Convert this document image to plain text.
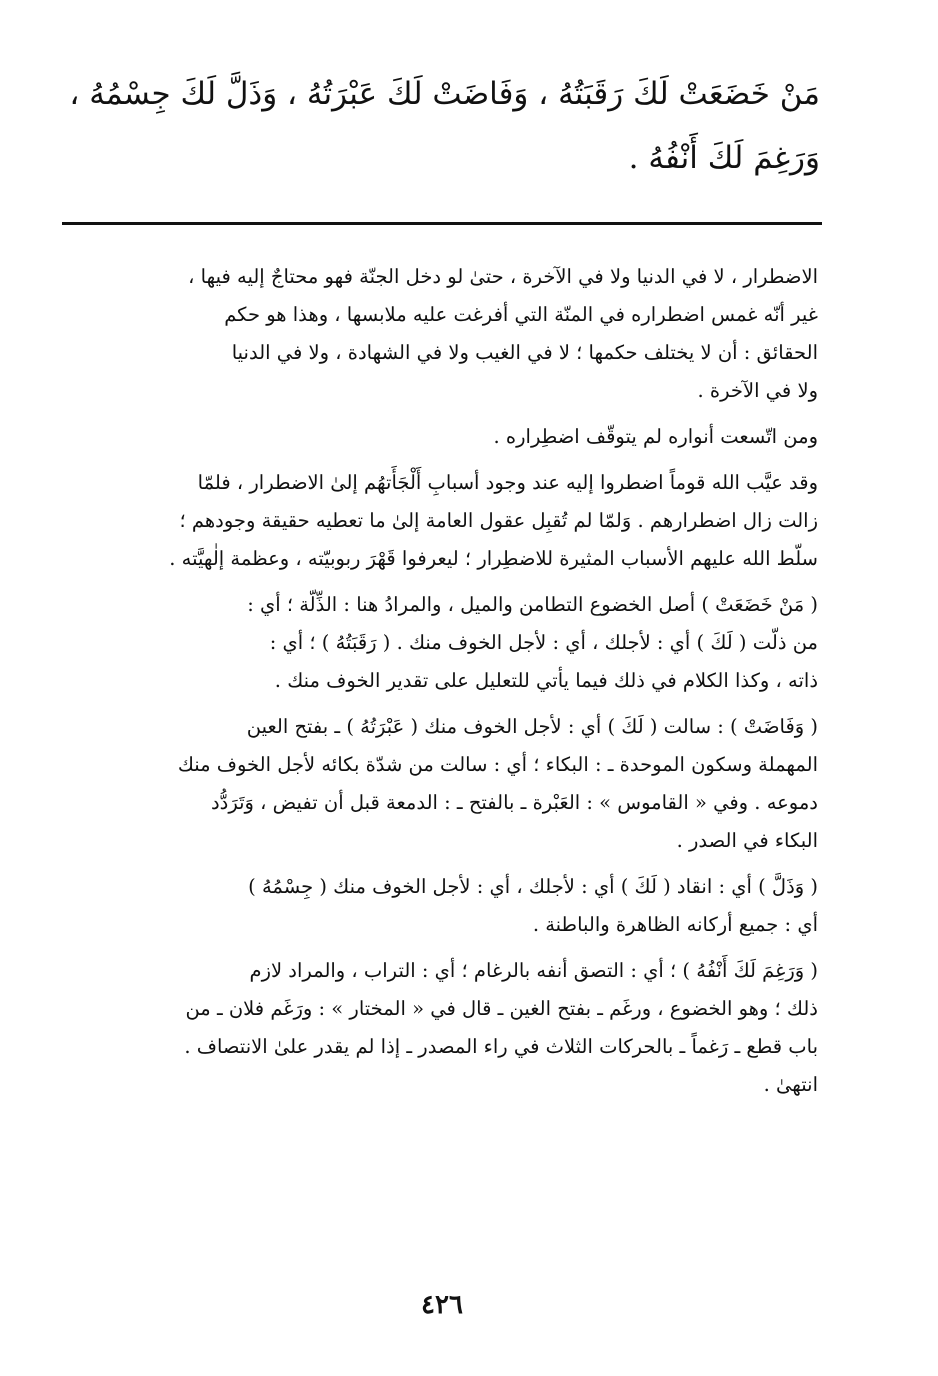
مَنْ خَضَعَتْ لَكَ رَقَبَتُهُ ، وَفَاضَتْ لَكَ عَبْرَتُهُ ، وَذَلَّ لَكَ جِسْمُهُ ،
وَرَغِمَ لَكَ أَنْفُهُ .
الاضطرار ، لا في الدنيا ولا في الآخرة ، حتىٰ لو دخل الجنّة فهو محتاجٌ إليه فيها ،
غير أنّه غمس اضطراره في المنّة التي أفرغت عليه ملابسها ، وهذا هو حكم
الحقائق : أن لا يختلف حكمها ؛ لا في الغيب ولا في الشهادة ، ولا في الدنيا
ولا في الآخرة .
ومن اتّسعت أنواره لم يتوقّف اضطِراره .
وقد عيَّب الله قوماً اضطروا إليه عند وجود أسبابِ أَلْجَأَتهُم إلىٰ الاضطرار ، فلمّا
زالت زال اضطرارهم . وَلمّا لم تُقبِل عقول العامة إلىٰ ما تعطيه حقيقة وجودهم ؛
سلّط الله عليهم الأسباب المثيرة للاضطِرار ؛ ليعرفوا قَهْرَ ربوبيّته ، وعظمة إلٰهيَّته .
( مَنْ خَضَعَتْ ) أصل الخضوع التطامن والميل ، والمرادُ هنا : الذِّلّة ؛ أي :
من ذلّت ( لَكَ ) أي : لأجلك ، أي : لأجل الخوف منك . ( رَقَبَتُهُ ) ؛ أي :
ذاته ، وكذا الكلام في ذلك فيما يأتي للتعليل على تقدير الخوف منك .
( وَفَاضَتْ ) : سالت ( لَكَ ) أي : لأجل الخوف منك ( عَبْرَتُهُ ) ـ بفتح العين
المهملة وسكون الموحدة ـ : البكاء ؛ أي : سالت من شدّة بكائه لأجل الخوف منك
دموعه . وفي « القاموس » : العَبْرة ـ بالفتح ـ : الدمعة قبل أن تفيض ، وَتَرَدُّد
البكاء في الصدر .
( وَذَلَّ ) أي : انقاد ( لَكَ ) أي : لأجلك ، أي : لأجل الخوف منك ( جِسْمُهُ )
أي : جميع أركانه الظاهرة والباطنة .
( وَرَغِمَ لَكَ أَنْفُهُ ) ؛ أي : التصق أنفه بالرغام ؛ أي : التراب ، والمراد لازم
ذلك ؛ وهو الخضوع ، ورغَم ـ بفتح الغين ـ قال في « المختار » : ورَغَم فلان ـ من
باب قطع ـ رَغماً ـ بالحركات الثلاث في راء المصدر ـ إذا لم يقدر علىٰ الانتصاف .
انتهىٰ .
٤٢٦
